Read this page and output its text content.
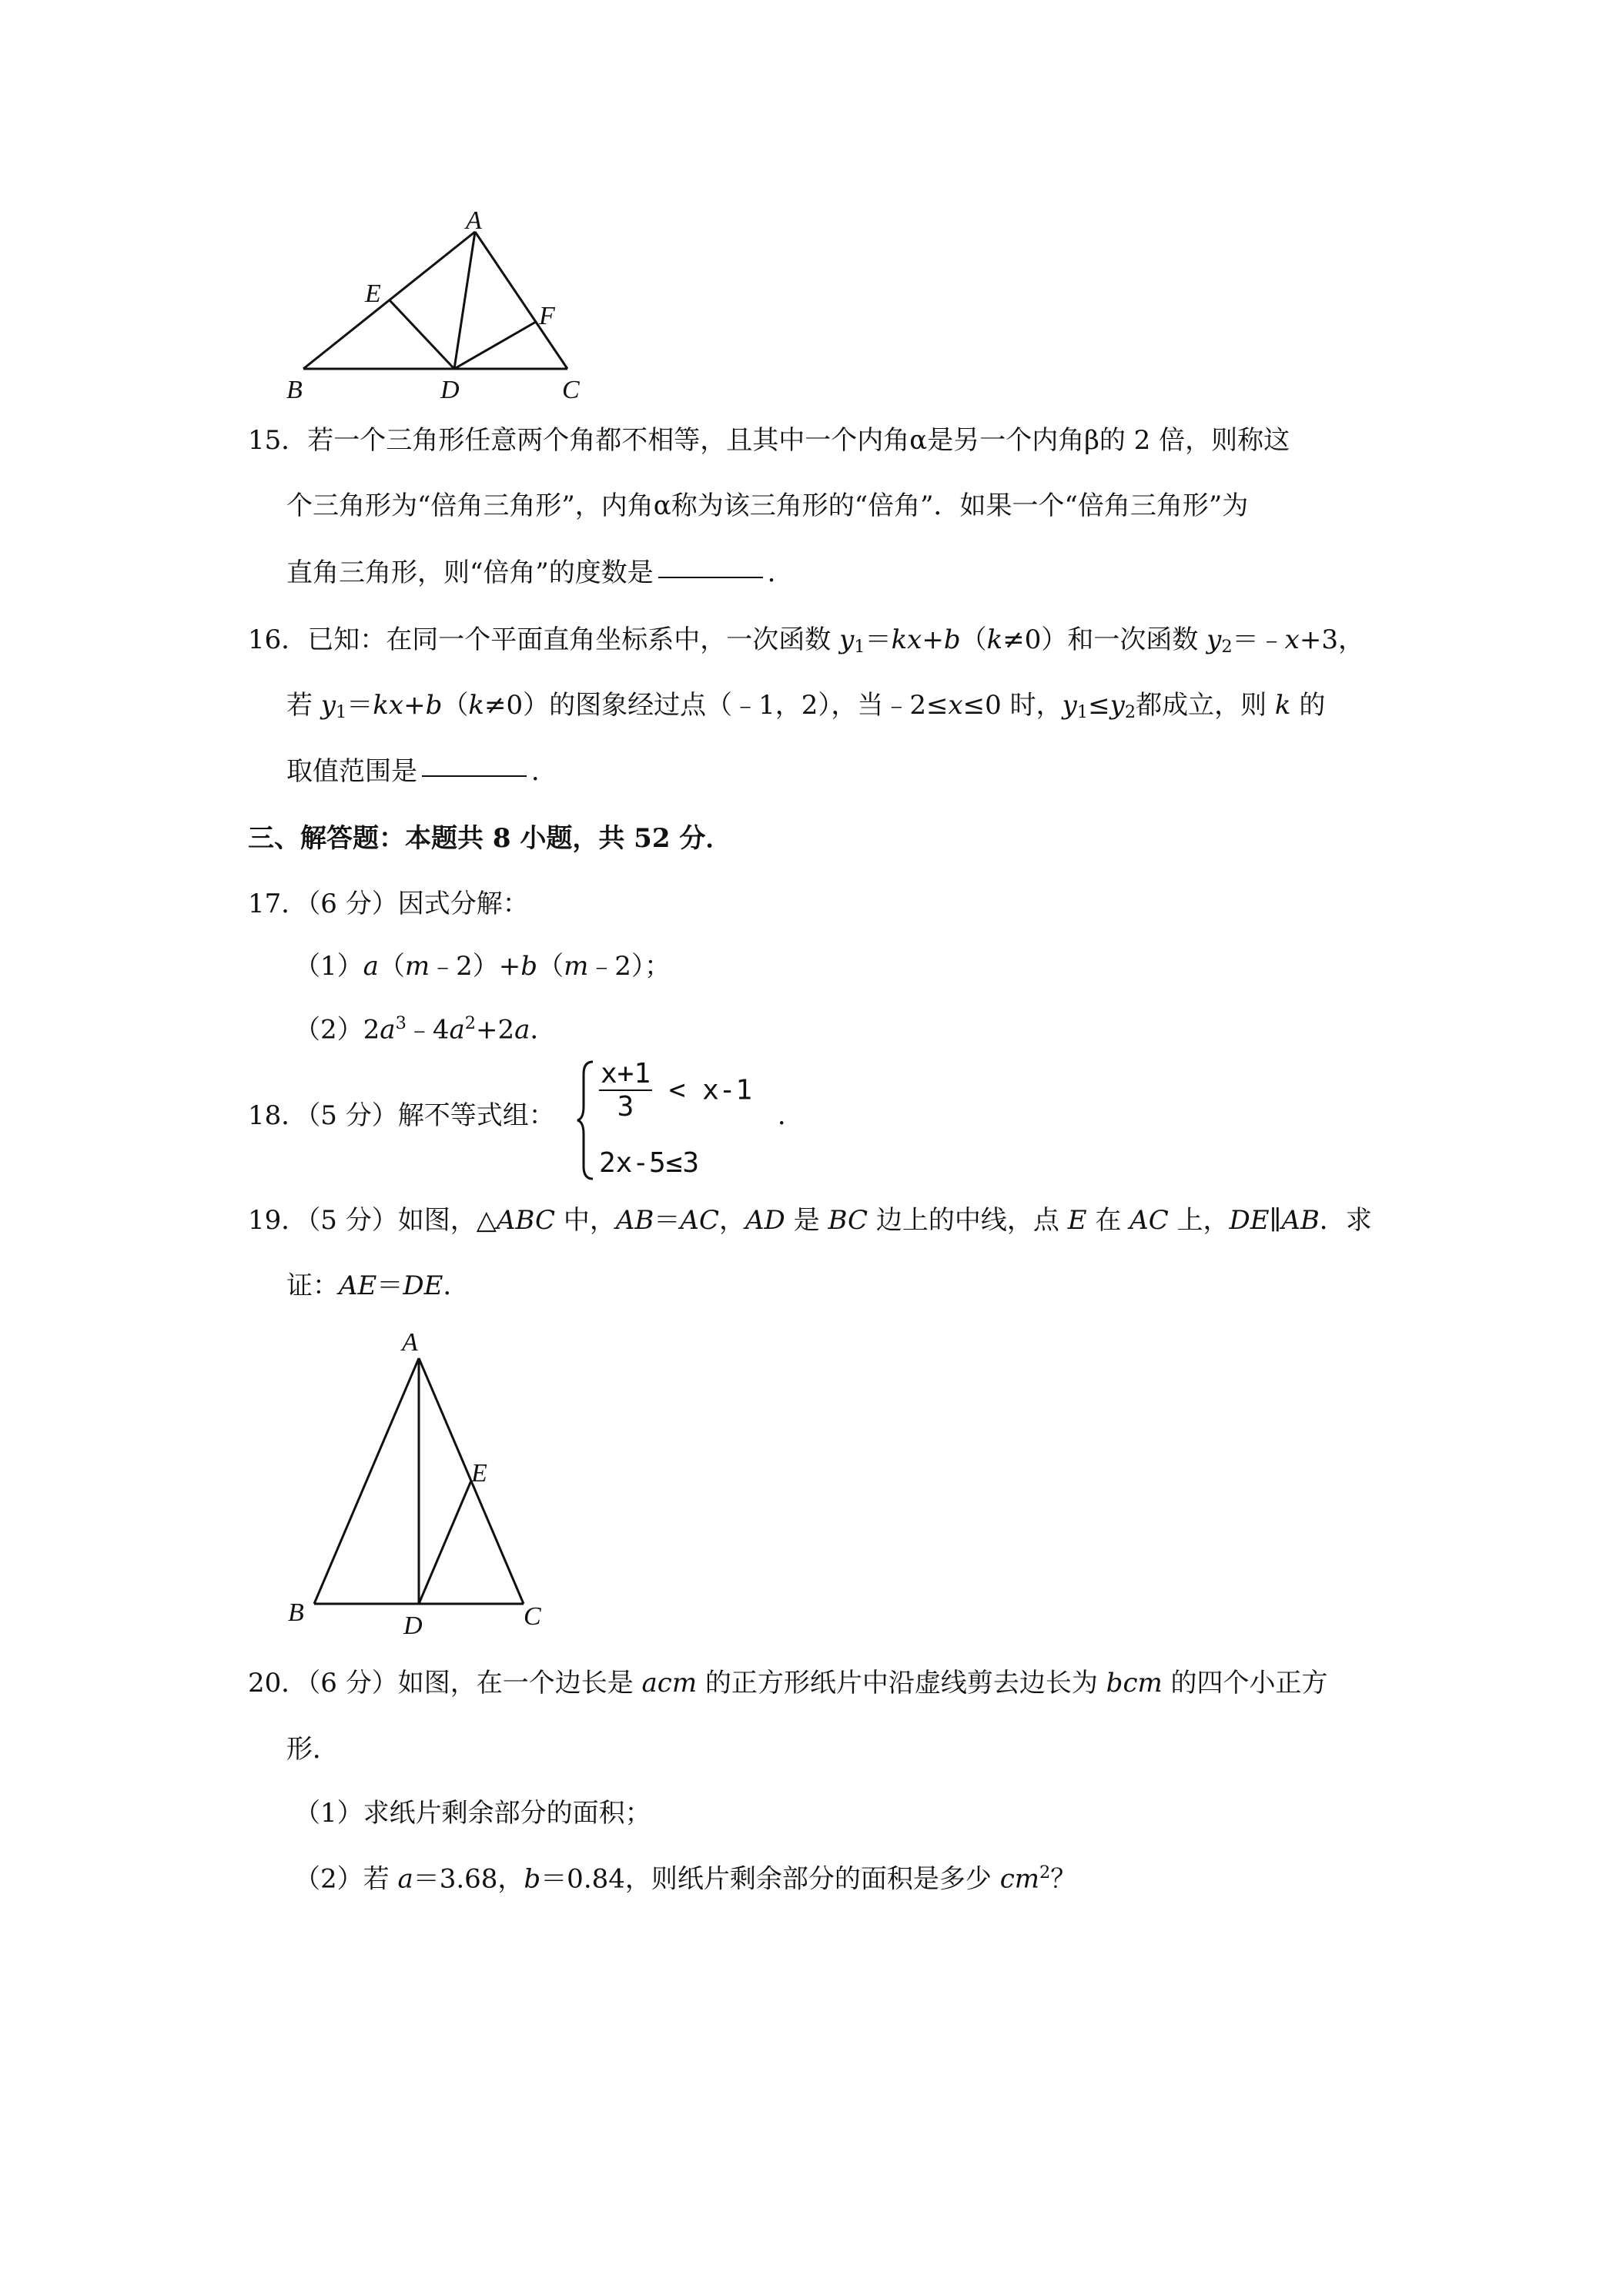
A
E
F
B	D	C
15．若一个三角形任意两个角都不相等，且其中一个内角α是另一个内角β的 2 倍，则称这
个三角形为“倍角三角形”，内角α称为该三角形的“倍角”．如果一个“倍角三角形”为
直角三角形，则“倍角”的度数是	．
16．已知：在同一个平面直角坐标系中，一次函数 $y_1=kx+b(k\ne 0)$和一次函数 $y_2=﹣x+3$，
若 $y_1=kx+b(k\ne 0)$的图象经过点（﹣1，2），当﹣2≤x≤0 时，$y_1\le y_2$都成立，则 k 的
取值范围是	．
三、解答题：本题共 8 小题，共 52 分．
17．（6 分）因式分解：
（1）a（m﹣2）+b（m﹣2）；
$(2)2a^3﹣4a^2+2a$．
18．（5 分）解不等式组： $\frac{x+1}{3} < x-1$
2x-5≤3
．
19．（5 分）如图，△ABC 中，AB＝AC，AD 是 BC 边上的中线，点 E 在 AC 上，DE∥AB．求
证：AE＝DE．
A
E
B	D	C
20．（6 分）如图，在一个边长是 acm 的正方形纸片中沿虚线剪去边长为 bcm 的四个小正方
形．
（1）求纸片剩余部分的面积；
（2）若 a＝3.68，b＝0.84，则纸片剩余部分的面积是多少 $cm^2$？
